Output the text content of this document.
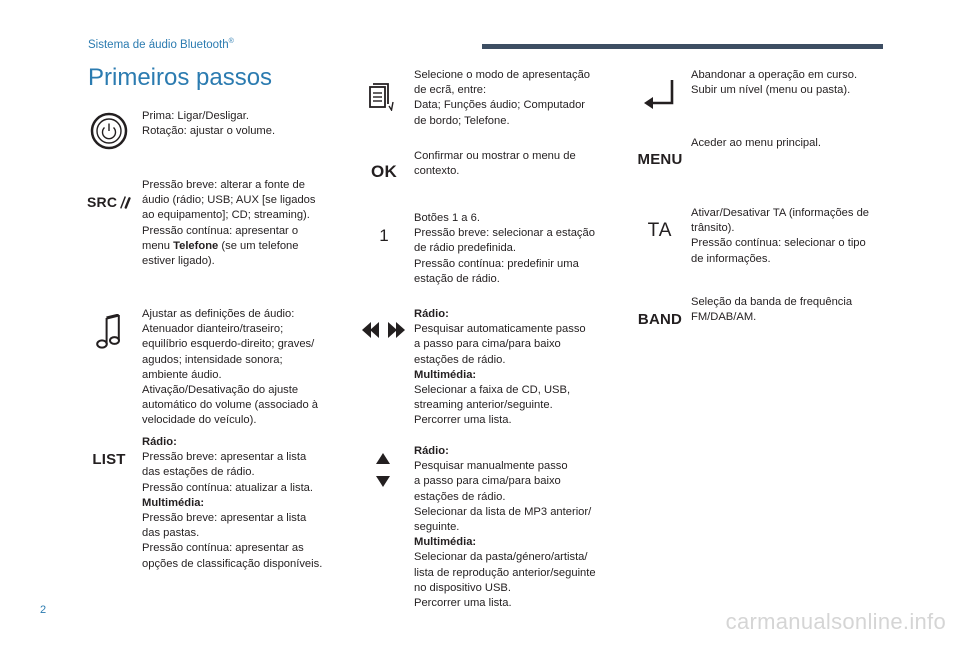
Sistema de áudio Bluetooth®
Primeiros passos
Prima: Ligar/Desligar.
Rotação: ajustar o volume.
SRC
Pressão breve: alterar a fonte de
áudio (rádio; USB; AUX [se ligados
ao equipamento]; CD; streaming).
Pressão contínua: apresentar o
menu Telefone (se um telefone
estiver ligado).
Ajustar as definições de áudio:
Atenuador dianteiro/traseiro;
equilíbrio esquerdo-direito; graves/
agudos; intensidade sonora;
ambiente áudio.
Ativação/Desativação do ajuste
automático do volume (associado à
velocidade do veículo).
LIST
Rádio:
Pressão breve: apresentar a lista
das estações de rádio.
Pressão contínua: atualizar a lista.
Multimédia:
Pressão breve: apresentar a lista
das pastas.
Pressão contínua: apresentar as
opções de classificação disponíveis.
Selecione o modo de apresentação
de ecrã, entre:
Data; Funções áudio; Computador
de bordo; Telefone.
OK
Confirmar ou mostrar o menu de
contexto.
1
Botões 1 a 6.
Pressão breve: selecionar a estação
de rádio predefinida.
Pressão contínua: predefinir uma
estação de rádio.
Rádio:
Pesquisar automaticamente passo
a passo para cima/para baixo
estações de rádio.
Multimédia:
Selecionar a faixa de CD, USB,
streaming anterior/seguinte.
Percorrer uma lista.
Rádio:
Pesquisar manualmente passo
a passo para cima/para baixo
estações de rádio.
Selecionar da lista de MP3 anterior/
seguinte.
Multimédia:
Selecionar da pasta/género/artista/
lista de reprodução anterior/seguinte
no dispositivo USB.
Percorrer uma lista.
Abandonar a operação em curso.
Subir um nível (menu ou pasta).
MENU
Aceder ao menu principal.
TA
Ativar/Desativar TA (informações de
trânsito).
Pressão contínua: selecionar o tipo
de informações.
BAND
Seleção da banda de frequência
FM/DAB/AM.
2	carmanualsonline.info
